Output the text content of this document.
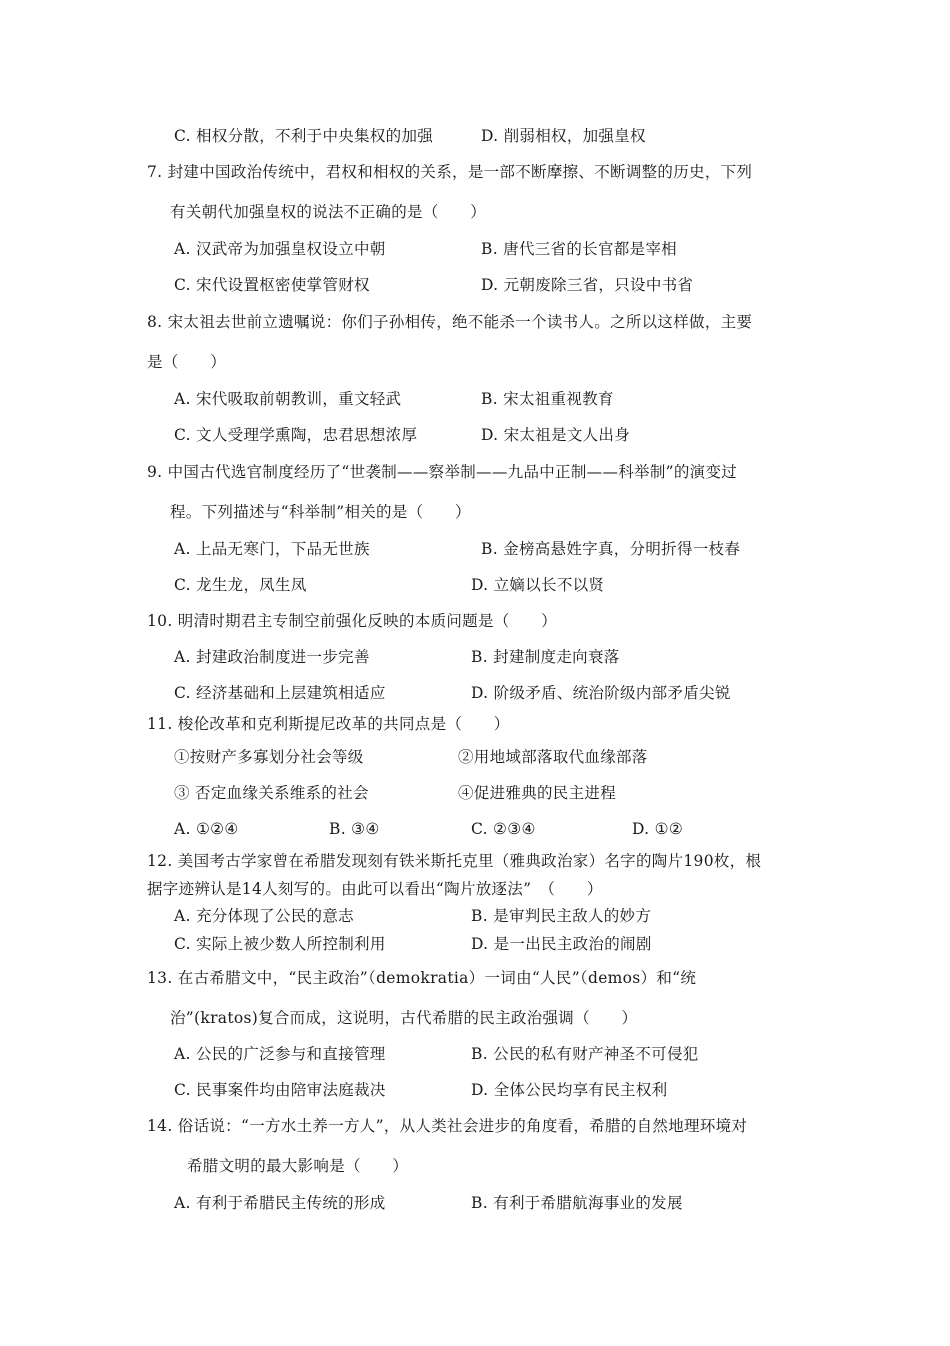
C. 相权分散，不利于中央集权的加强	D. 削弱相权，加强皇权
7. 封建中国政治传统中，君权和相权的关系，是一部不断摩擦、不断调整的历史，下列
有关朝代加强皇权的说法不正确的是（　　）
A. 汉武帝为加强皇权设立中朝	B. 唐代三省的长官都是宰相
C. 宋代设置枢密使掌管财权	D. 元朝废除三省，只设中书省
8. 宋太祖去世前立遗嘱说：你们子孙相传，绝不能杀一个读书人。之所以这样做，主要
是（　　）
A. 宋代吸取前朝教训，重文轻武	B. 宋太祖重视教育
C. 文人受理学熏陶，忠君思想浓厚	D. 宋太祖是文人出身
9. 中国古代选官制度经历了“世袭制——察举制——九品中正制——科举制”的演变过
程。下列描述与“科举制”相关的是（　　）
A. 上品无寒门，下品无世族	B. 金榜高悬姓字真，分明折得一枝春
C. 龙生龙，凤生凤	D. 立嫡以长不以贤
10. 明清时期君主专制空前强化反映的本质问题是（　　）
A. 封建政治制度进一步完善	B. 封建制度走向衰落
C. 经济基础和上层建筑相适应	D. 阶级矛盾、统治阶级内部矛盾尖锐
11. 梭伦改革和克利斯提尼改革的共同点是（　　）
①按财产多寡划分社会等级	②用地域部落取代血缘部落
③ 否定血缘关系维系的社会	④促进雅典的民主进程
A. ①②④	B. ③④	C. ②③④	D. ①②
12. 美国考古学家曾在希腊发现刻有铁米斯托克里（雅典政治家）名字的陶片190枚，根
据字迹辨认是14人刻写的。由此可以看出“陶片放逐法”　（　　）
A. 充分体现了公民的意志	B. 是审判民主敌人的妙方
C. 实际上被少数人所控制利用	D. 是一出民主政治的闹剧
13. 在古希腊文中，“民主政治”（demokratia）一词由“人民”（demos）和“统
治”(kratos)复合而成，这说明，古代希腊的民主政治强调（　　）
A. 公民的广泛参与和直接管理	B. 公民的私有财产神圣不可侵犯
C. 民事案件均由陪审法庭裁决	D. 全体公民均享有民主权利
14. 俗话说：“一方水土养一方人”，从人类社会进步的角度看，希腊的自然地理环境对
希腊文明的最大影响是（　　）
A. 有利于希腊民主传统的形成	B. 有利于希腊航海事业的发展
